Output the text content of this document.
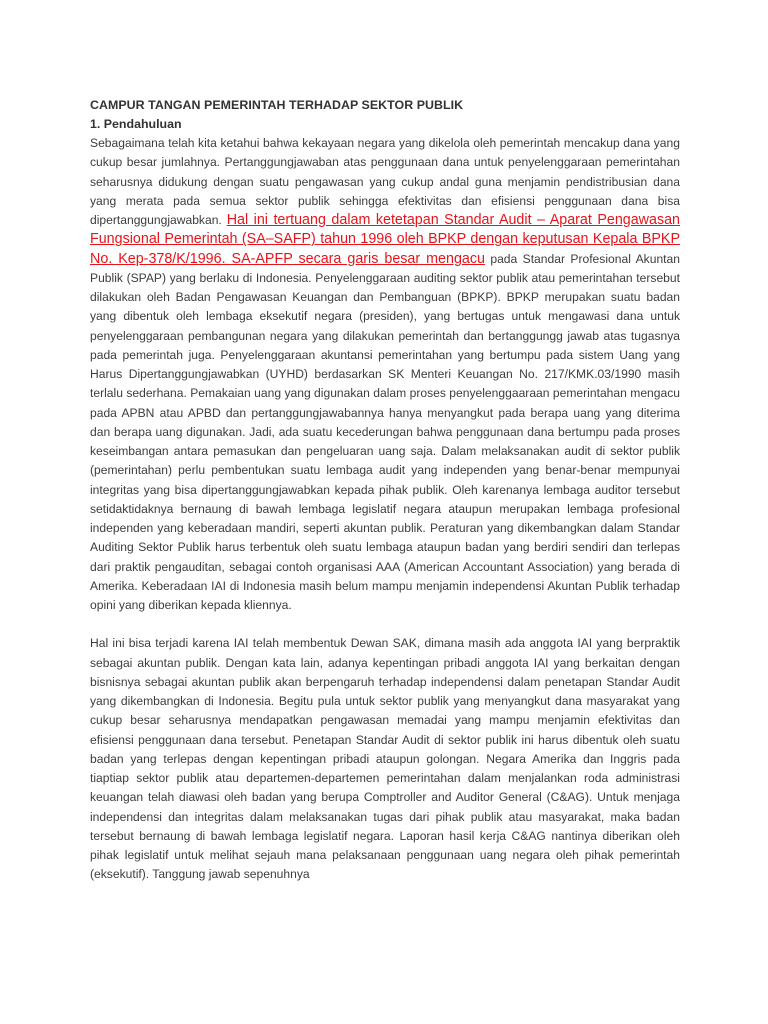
CAMPUR TANGAN PEMERINTAH TERHADAP SEKTOR PUBLIK
1. Pendahuluan

Sebagaimana telah kita ketahui bahwa kekayaan negara yang dikelola oleh pemerintah mencakup dana yang cukup besar jumlahnya. Pertanggungjawaban atas penggunaan dana untuk penyelenggaraan pemerintahan seharusnya didukung dengan suatu pengawasan yang cukup andal guna menjamin pendistribusian dana yang merata pada semua sektor publik sehingga efektivitas dan efisiensi penggunaan dana bisa dipertanggungjawabkan. Hal ini tertuang dalam ketetapan Standar Audit – Aparat Pengawasan Fungsional Pemerintah (SA–SAFP) tahun 1996 oleh BPKP dengan keputusan Kepala BPKP No. Kep-378/K/1996. SA-APFP secara garis besar mengacu pada Standar Profesional Akuntan Publik (SPAP) yang berlaku di Indonesia. Penyelenggaraan auditing sektor publik atau pemerintahan tersebut dilakukan oleh Badan Pengawasan Keuangan dan Pembanguan (BPKP). BPKP merupakan suatu badan yang dibentuk oleh lembaga eksekutif negara (presiden), yang bertugas untuk mengawasi dana untuk penyelenggaraan pembangunan negara yang dilakukan pemerintah dan bertanggungg jawab atas tugasnya pada pemerintah juga. Penyelenggaraan akuntansi pemerintahan yang bertumpu pada sistem Uang yang Harus Dipertanggungjawabkan (UYHD) berdasarkan SK Menteri Keuangan No. 217/KMK.03/1990 masih terlalu sederhana. Pemakaian uang yang digunakan dalam proses penyelenggaaraan pemerintahan mengacu pada APBN atau APBD dan pertanggungjawabannya hanya menyangkut pada berapa uang yang diterima dan berapa uang digunakan. Jadi, ada suatu kecederungan bahwa penggunaan dana bertumpu pada proses keseimbangan antara pemasukan dan pengeluaran uang saja. Dalam melaksanakan audit di sektor publik (pemerintahan) perlu pembentukan suatu lembaga audit yang independen yang benar-benar mempunyai integritas yang bisa dipertanggungjawabkan kepada pihak publik. Oleh karenanya lembaga auditor tersebut setidaktidaknya bernaung di bawah lembaga legislatif negara ataupun merupakan lembaga profesional independen yang keberadaan mandiri, seperti akuntan publik. Peraturan yang dikembangkan dalam Standar Auditing Sektor Publik harus terbentuk oleh suatu lembaga ataupun badan yang berdiri sendiri dan terlepas dari praktik pengauditan, sebagai contoh organisasi AAA (American Accountant Association) yang berada di Amerika. Keberadaan IAI di Indonesia masih belum mampu menjamin independensi Akuntan Publik terhadap opini yang diberikan kepada kliennya.

Hal ini bisa terjadi karena IAI telah membentuk Dewan SAK, dimana masih ada anggota IAI yang berpraktik sebagai akuntan publik. Dengan kata lain, adanya kepentingan pribadi anggota IAI yang berkaitan dengan bisnisnya sebagai akuntan publik akan berpengaruh terhadap independensi dalam penetapan Standar Audit yang dikembangkan di Indonesia. Begitu pula untuk sektor publik yang menyangkut dana masyarakat yang cukup besar seharusnya mendapatkan pengawasan memadai yang mampu menjamin efektivitas dan efisiensi penggunaan dana tersebut. Penetapan Standar Audit di sektor publik ini harus dibentuk oleh suatu badan yang terlepas dengan kepentingan pribadi ataupun golongan. Negara Amerika dan Inggris pada tiaptiap sektor publik atau departemen-departemen pemerintahan dalam menjalankan roda administrasi keuangan telah diawasi oleh badan yang berupa Comptroller and Auditor General (C&AG). Untuk menjaga independensi dan integritas dalam melaksanakan tugas dari pihak publik atau masyarakat, maka badan tersebut bernaung di bawah lembaga legislatif negara. Laporan hasil kerja C&AG nantinya diberikan oleh pihak legislatif untuk melihat sejauh mana pelaksanaan penggunaan uang negara oleh pihak pemerintah (eksekutif). Tanggung jawab sepenuhnya
